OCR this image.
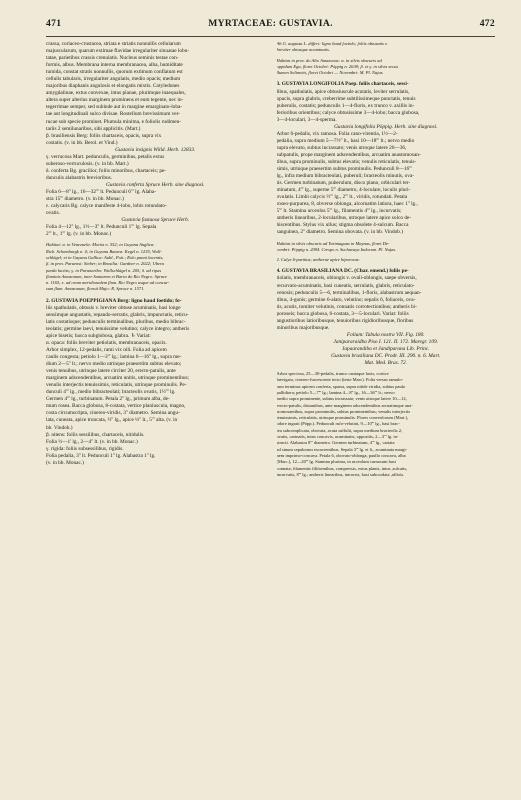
471	MYRTACEAE: GUSTAVIA.	472

crassa, coriaceo-crustacea, striata e striatis nonnullis cellularum

majuscularum, quarum extimae flavidae irregulariter sinuatae lobu-

tatae, parietibus crassis crenulatis. Nucleus seminis testae con-

formis, albus. Membrana interna membranacea, alba, humiditate

tumida, constat stratis nonnullis, quorum extimum conflatum est

cellulis tabularis, irregulariter angulatis, medio opacis; medium

majoribus diaphanis angulosis et elongatis mixtis. Cotyledones

amygdalinae, extus convexae, intus planae, plurimque inaequales,

altera super alterius marginem prominens et eum tegente, nec in-

tegerrimae semper, sed subinde aut in margine emarginato-loba-

tae aut longitudinali sulco divisae. Rostellum brevissimum ver-

rucae sub specie prominet. Plumula minima, e foliolis rudimen-

tariis 2 semilunaribus, sibi applicitis. (Mart.)

β. brasiliensis Berg: foliis chartaceis, opacis, supra vix

costatis. (v. in bb. Berol. et Vind.)

Gustavia insignis Willd. Herb. 12833.

γ. verrucosa Mart. pedunculis, germinibus, petalis extus

suberoso-verruculosis. (v. in bb. Mart.)

δ. conferta Bg. gracilior, foliis minoribus, chartaceis; pe-

dunculis alabastris brevioribus.

Gustavia conferta Spruce Herb. sine diagnosi.

Folia 6—8'' lg., 16—32''' lt. Pedunculi 6''' lg. Alaba-

stra 15''' diametro. (v. in bb. Monac.)

ε. calycaris Bg. calyce manifeste 4-lobo, lobis rotundato-

ovatis.

Gustavia fastuosa Spruce Herb.

Folia 4—12'' lg., 1½—3'' lt. Pedunculi 1''' lg. Sepala

2''' lt., 1''' lg. (v. in bb. Monac.)

Habitat: α. in Venezuela: Moritz n. 552; in Guyana Anglica:

Rich. Schomburgk n. 4; in Guyana Batava: Kegel n. 1235, Wull-

schlägel; et in Guyana Gallica: Aubl., Poit.; Rolo panni lacentis;

β. in prov. Paraensi: Sieber; in Brasilia: Gardner n. 2022; Ubera

parda lucitis; γ. in Paranaribo: Wullschlägel n. 205; δ. ad ripas

fluminis Amazonum, inter Santarem et Barra do Rio Negro: Spruce

n. 1165; ε. ad oram meridionalem flum. Rio Negro usque ad concur-

sum flum. Amazonum, floruit Majo: R. Spruce n. 1571.

2. GUSTAVIA POEPPIGIANA Berg: ligno haud foetido; fo-

liis spathulatis, obtusis v. breviter obtuse acuminatis, basi longe

sensimque angustatis, repando-serratis, glabris, impunctatis, reticu-

latis costatisque; pedunculis terminalibus, pluribus, medio bibrac-

teolatis; germine laevi, tenuissime velutino; calyce integro; antheris

apice bisetis; bacca subglobosa, glabra. ♄ Variat:

α. opaca: foliis breviter petiolatis, membranaceis, opacis.

Arbor simplex, 12-pedalis, rami vix nili. Folia ad apicem

caulis congesta; petiolo 1—3''' lg.; lamina 6—16'' lg., supra me-

dium 2—5'' lt.; nervo medio utrinque praesertim subtus elevato;

venis tenuibus, utrinque latere circiter 20, erecto-patulis, ante

marginem adscendentibus, arcuatim unitis, utrinque prominentibus;

venulis interjectis tenuissimis, reticulatis, utrinque prominulis. Pe-

dunculi 4''' lg., medio bibracteolati; bracteolis ovatis, 1½''' lg.

Germen 4''' lg., turbinatum. Petala 2'' lg., primum alba, de-

mum rosea. Bacca globosa, 8-costata, vertice planiuscula, magno,

costa circumscripta, cinereo-viridis, 3'' diametro. Semina angu-

lata, cuneata, apice truncata, ½'' lg., apice ⅓'' lt., 5''' alta. (v. in

bb. Vindob.)

β. nitens: foliis sessilibus, chartaceis, nitidulis.

Folia ½—1' lg., 2—4'' lt. (v. in bb. Monac.)

γ. rigida: foliis subsessilibus, rigidis.

Folia pedalia, 3'' lt. Pedunculi 1'' lg. Alabastra 1'' lg.

(v. in bb. Monac.)

Ab G. augusta L. differt: ligno haud foetido; foliis obtusatis v.

breviter obtusque acuminatis.

Habitat in prov. do Alto Amazonas: α. in silvis obscuris ad

oppidum Ega, floret Octobri: Pöppig n. 2638; β. et γ. in silvis secus

flumen Solimoës, floret Octobri — Novembri: M. Pl. Najas.

3. GUSTAVIA LONGIFOLIA Poep. foliis chartaceis, sessi-

libus, spathulatis, apice obtusiuscule acutatis, leviter serrulatis,

opacis, supra glabris, creberrime subtilissimeque punctatis, tenuis

puberulis, costatis; pedunculis 1—4-floris, ex trunco v. axillis in-

ferioribus orientibus; calyce obtusissime 3—4-lobo; bacca globosa,

3—4-loculari, 3—4-sperma.

Gustavia longifolia Pöppig. Herb. sine diagnosi.

Arbor 6-pedalis, vix ramosa. Folia cano-virentia, 1½—2-

pedalia, supra medium 5—7½'' lt., basi 10—18''' lt.; nervo medio

supra elevato, subtus incrassato; venis utroque latere 26—36,

subpatulis, prope marginem adscendentibus, arcuatim anastomosan-

tibus, supra prominulis, subtus elevatis; venulis reticulatis, tenuis-

simis, utrinque praesertim subtus prominulis. Pedunculi 8—16'''

lg., infra medium bibracteolati, puberuli; bracteolis minutis, ova-

tis. Germen turbinatum, puberulum, disco plano, orbiculari ter-

minatum, 4''' lg., superne 5''' diametro, 4-loculare, loculis pluri-

ovulatis. Limbi calycis ½''' lg., 2''' lt., viridis, rotundati. Petala

roseo-purpurea, 8, obverse oblonga, alcornatim latiora, haec 1'' lg.,

5''' lt. Stamina urceolus 5''' lg., filamentis 4''' lg., incurvatis;

antheris linearibus, 2-locularibus, utroque latere apice solco de-

hiscentibus. Stylus vix ullus; stigma obsolete 4-sulcum. Bacca

sanguinea, 2'' diametro. Semina obovata. (v. in bb. Vindob.)

Habitat in silvis obscuris ad Yurimaguas in Maynas, floret De-

cembri: Pöppig n. 2094. Crespo n. Suchavaya Indorum. Pl. Najas.

2. Calyx 6-partitus; antherae apice bipororae.

4. GUSTAVIA BRASILIANA DC. (Char. emend.) foliis pe-

tiolatis, membranaceis, oblongis v. ovali-oblongis, saepe obversis,

recurvato-acuminatis, basi cuneatis, serrulatis, glabris, reticulato-

venosis; pedunculis 5—6, terminalibus, 1-floris, alabastrum aequan-

tibus, 4-gonis; germine 6-alato, velutino; sepalis 6, foliaceis, ova-

tis, acutis, tomiter velutinis, connatis corrotectionibus; antheris bi-

poroseis; bacca globosa, 6-costata, 3—5-loculari. Variat: foliis

angustioribus latioribusque, tenuioribus rigidioribusque, floribus

minoribus majoribusque.

Folium: Tabula nostra VII. Fig. 180.

Janipararaidba Piso I. 121. II. 172. Maregr. 109.

Japaarandiba et Jandiparana Lib. Princ.

Gustavia brasiliana DC. Prodr. III. 290. n. 6. Mart.

Mat. Med. Bras. 72.

Arbor speciosa, 25—30-pedalis, trunco caniaque laxis, cortice

laevigato, cinereo-fuscescente tecto (teste Marc). Folia versus ramulo-

rum terminus apicem conferta, sparsa, supra nitide viridia, subtus paulo

pallidiora; petiolo 5—7''' lg.; lamina 4—8'' lg., 16—36''' lt.; nervo

medio supra prominente, subtus incrassato; venis utroque latere 10—12,

erecto-patulis, distantibus, ante marginem adscendentibus arcuatimque ana-

stomosantibus, supra prominulis, subtus prominentibus; venulis interjectis

tenuissimis, reticulatis, utrinque prominulis. Flores conveolorum (Mart.),

odore ingrati (Pöpp.). Pedunculi rufo-velutini, 9—10''' lg., basi brac-

tea subcomplicata, obovata, acuta suffulti, supra medium bracteolis 2,

ovatis, carinatis, intus concavis, acuminatis, oppositis, 2—3''' lg. in-

structi. Alabastra 8''' diametro. Germen turbinatum, 4''' lg., cariata

ad sinum sepalorum excurrentibus. Sepala 3''' lg. et lt., acuminata margi-

nem imprimo-concava. Petala 6, obovato-oblonga, paullo concava, alba

(Marc.), 12—20''' lg. Stamina plurima, in urceolum carnosum basi

connata; filamentis filiformibus, compressis, extus planis, intus ,sulcatis,

incurvatis, 8''' lg.; antheris linearibus, introrsis, basi subcordata ,affixis.
